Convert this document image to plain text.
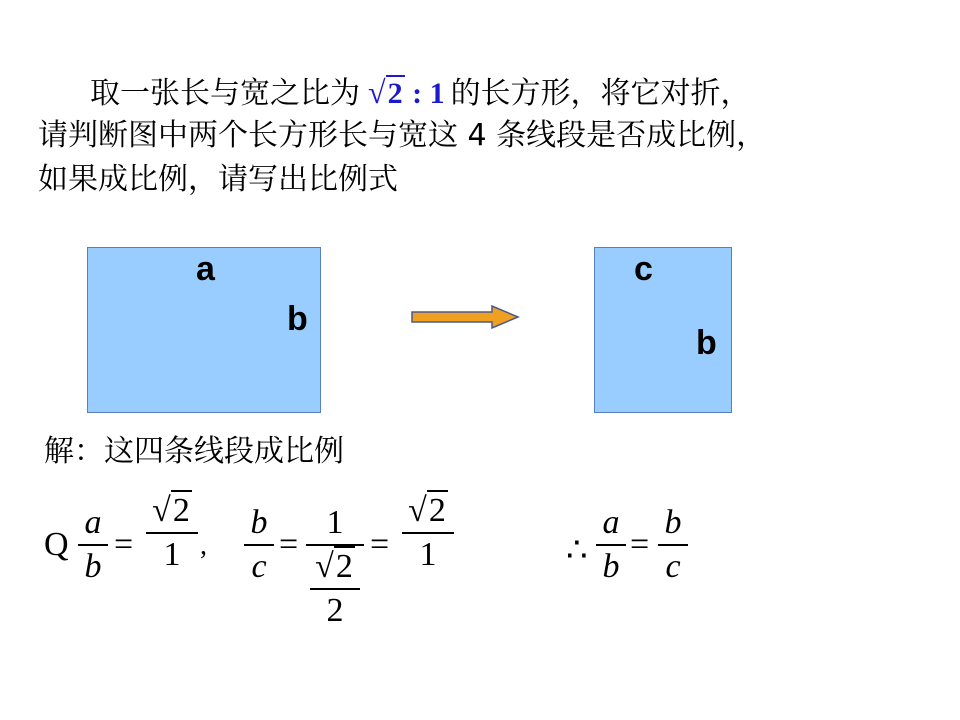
取一张长与宽之比为 √2 : 1 的长方形，将它对折，
请判断图中两个长方形长与宽这 4 条线段是否成比例，
如果成比例，请写出比例式
a
b
c
b
解：这四条线段成比例
Q
a
b
=
√2
1 ,
b
c
=
1
√2
2
=
√2
1	∴
a
b
=
b
c
